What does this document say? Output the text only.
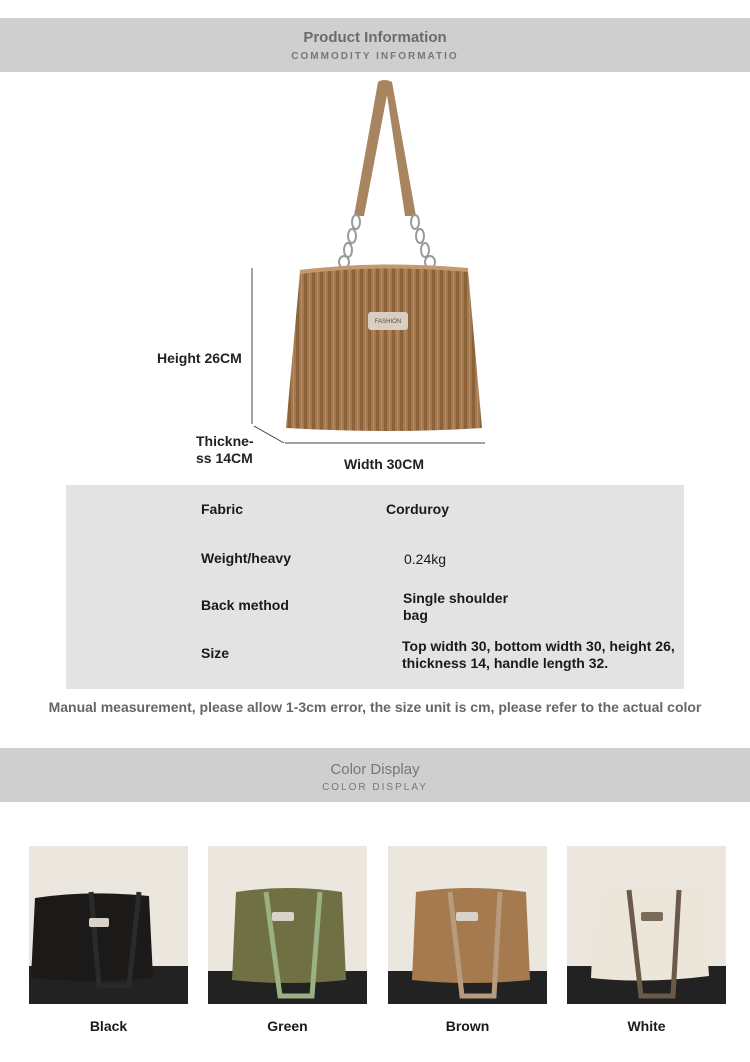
Product Information
COMMODITY INFORMATIO
FASHION
Height 26CM
Thickne-
ss 14CM	Width 30CM
Fabric	Corduroy
Weight/heavy	0.24kg
Back method	Single shoulder
bag
Size	Top width 30, bottom width 30, height 26,
thickness 14, handle length 32.
Manual measurement, please allow 1-3cm error, the size unit is cm, please refer to the actual color
Color Display
COLOR DISPLAY
Black	Green	Brown	White
